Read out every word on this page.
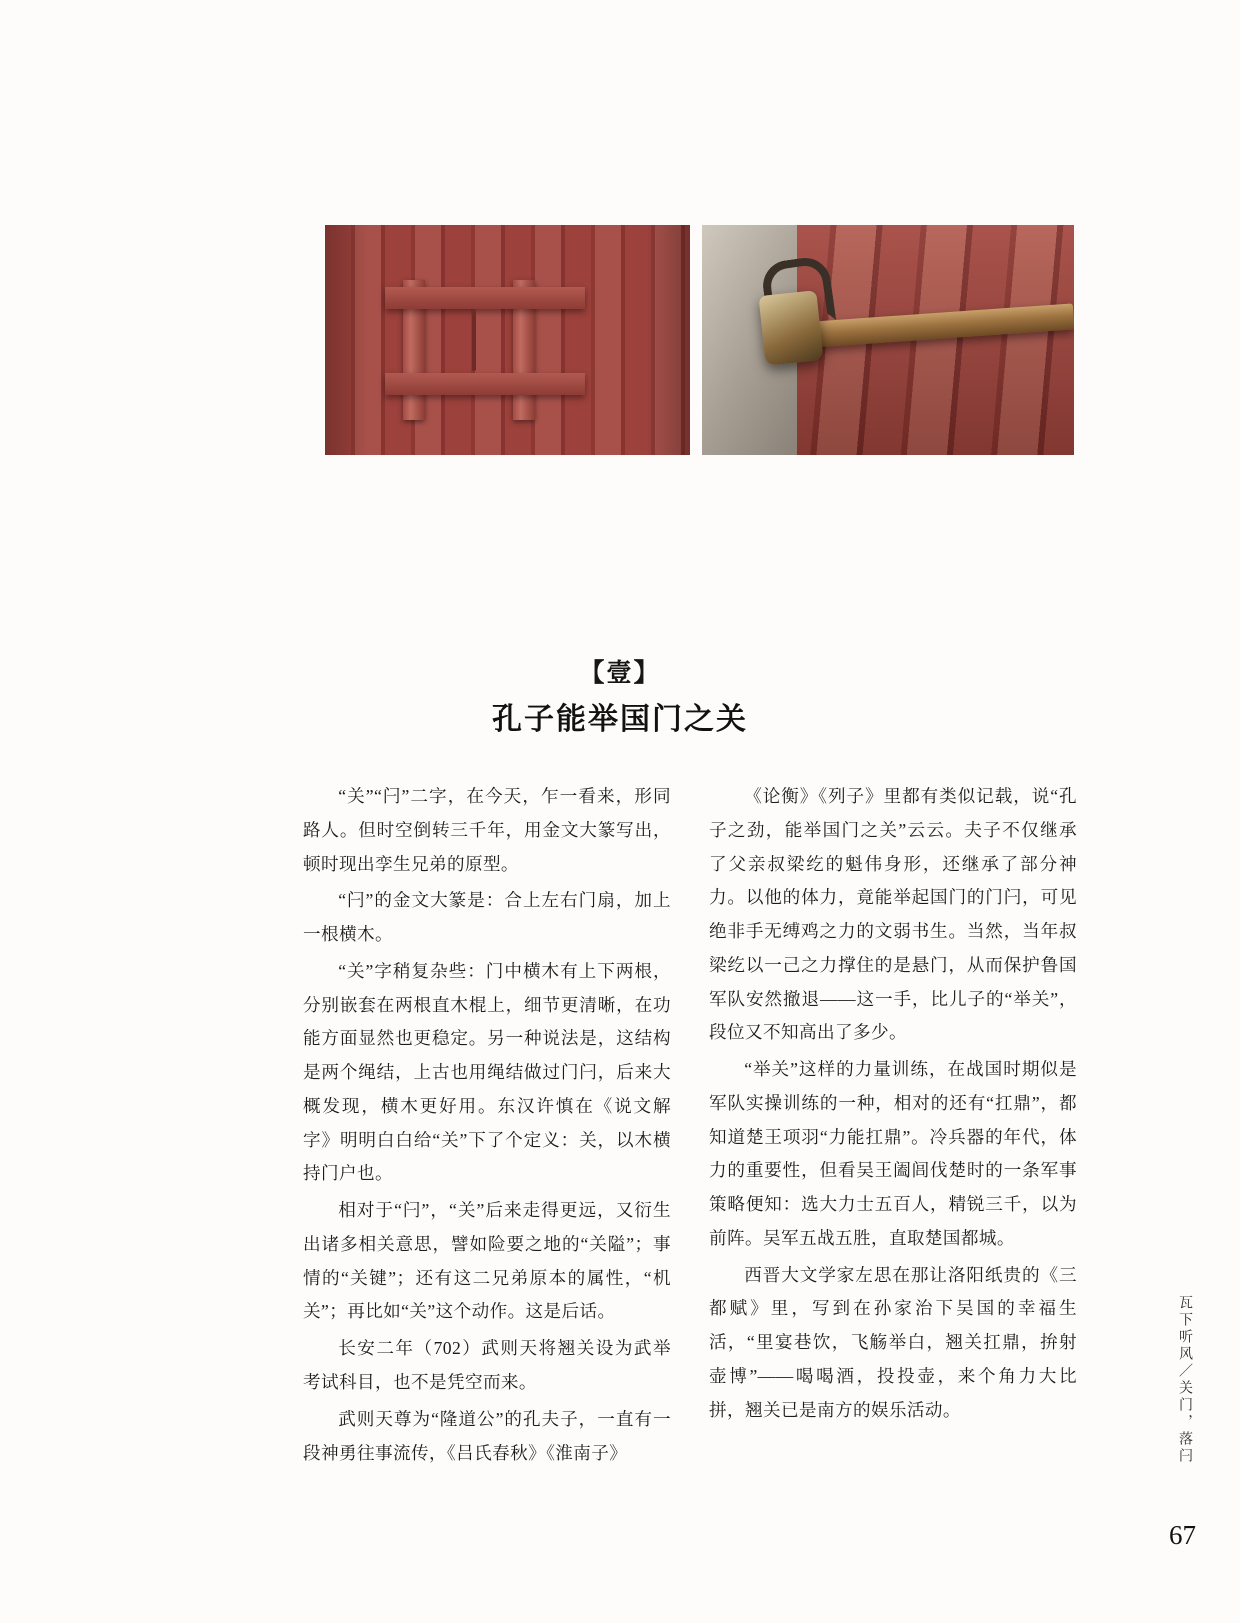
【壹】
孔子能举国门之关

“关”“闩”二字，在今天，乍一看来，形同路人。但时空倒转三千年，用金文大篆写出，顿时现出孪生兄弟的原型。

“闩”的金文大篆是：合上左右门扇，加上一根横木。

“关”字稍复杂些：门中横木有上下两根，分别嵌套在两根直木棍上，细节更清晰，在功能方面显然也更稳定。另一种说法是，这结构是两个绳结，上古也用绳结做过门闩，后来大概发现，横木更好用。东汉许慎在《说文解字》明明白白给“关”下了个定义：关，以木横持门户也。

相对于“闩”，“关”后来走得更远，又衍生出诸多相关意思，譬如险要之地的“关隘”；事情的“关键”；还有这二兄弟原本的属性，“机关”；再比如“关”这个动作。这是后话。

长安二年（702）武则天将翘关设为武举考试科目，也不是凭空而来。

武则天尊为“隆道公”的孔夫子，一直有一段神勇往事流传，《吕氏春秋》《淮南子》

《论衡》《列子》里都有类似记载，说“孔子之劲，能举国门之关”云云。夫子不仅继承了父亲叔梁纥的魁伟身形，还继承了部分神力。以他的体力，竟能举起国门的门闩，可见绝非手无缚鸡之力的文弱书生。当然，当年叔梁纥以一己之力撑住的是悬门，从而保护鲁国军队安然撤退——这一手，比儿子的“举关”，段位又不知高出了多少。

“举关”这样的力量训练，在战国时期似是军队实操训练的一种，相对的还有“扛鼎”，都知道楚王项羽“力能扛鼎”。冷兵器的年代，体力的重要性，但看吴王阖闾伐楚时的一条军事策略便知：选大力士五百人，精锐三千，以为前阵。吴军五战五胜，直取楚国都城。

西晋大文学家左思在那让洛阳纸贵的《三都赋》里，写到在孙家治下吴国的幸福生活，“里宴巷饮，飞觞举白，翘关扛鼎，拚射壶博”——喝喝酒，投投壶，来个角力大比拼，翘关已是南方的娱乐活动。	瓦下听风／关门，落闩
67
